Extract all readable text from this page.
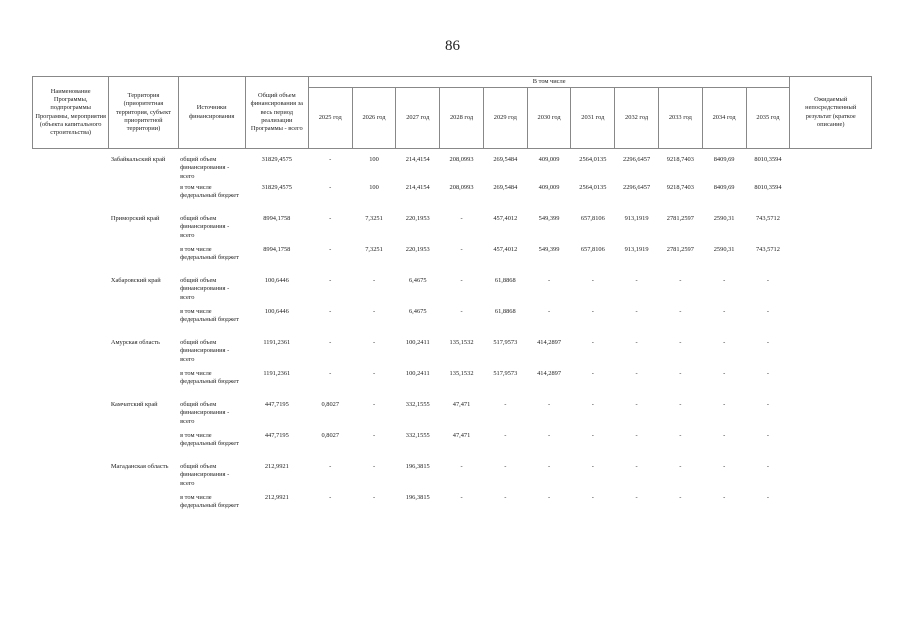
86
Наименование Программы, подпрограммы Программы, мероприятия (объекта капитального строительства)	Территория (приоритетная территория, субъект приоритетной территории)	Источники финансирования	Общий объем финансирования за весь период реализации Программы - всего	В том числе											Ожидаемый непосредственный результат (краткое описание)
				2025 год	2026 год	2027 год	2028 год	2029 год	2030 год	2031 год	2032 год	2033 год	2034 год	2035 год	
	Забайкальский край	общий объем финансирования - всего	31829,4575	-	100	214,4154	208,0993	269,5484	409,009	2564,0135	2296,6457	9218,7403	8409,69	8010,3594	
		в том числе федеральный бюджет	31829,4575	-	100	214,4154	208,0993	269,5484	409,009	2564,0135	2296,6457	9218,7403	8409,69	8010,3594	
	Приморский край	общий объем финансирования - всего	8994,1758	-	7,3251	220,1953	-	457,4012	549,399	657,8106	913,1919	2781,2597	2590,31	743,5712	
		в том числе федеральный бюджет	8994,1758	-	7,3251	220,1953	-	457,4012	549,399	657,8106	913,1919	2781,2597	2590,31	743,5712	
	Хабаровский край	общий объем финансирования - всего	100,6446	-	-	6,4675	-	61,8868	-	-	-	-	-	-	
		в том числе федеральный бюджет	100,6446	-	-	6,4675	-	61,8868	-	-	-	-	-	-	
	Амурская область	общий объем финансирования - всего	1191,2361	-	-	100,2411	135,1532	517,9573	414,2897	-	-	-	-	-	
		в том числе федеральный бюджет	1191,2361	-	-	100,2411	135,1532	517,9573	414,2897	-	-	-	-	-	
	Камчатский край	общий объем финансирования - всего	447,7195	0,8027	-	332,1555	47,471	-	-	-	-	-	-	-	
		в том числе федеральный бюджет	447,7195	0,8027	-	332,1555	47,471	-	-	-	-	-	-	-	
	Магаданская область	общий объем финансирования - всего	212,9921	-	-	196,3815	-	-	-	-	-	-	-	-	
		в том числе федеральный бюджет	212,9921	-	-	196,3815	-	-	-	-	-	-	-	-	
